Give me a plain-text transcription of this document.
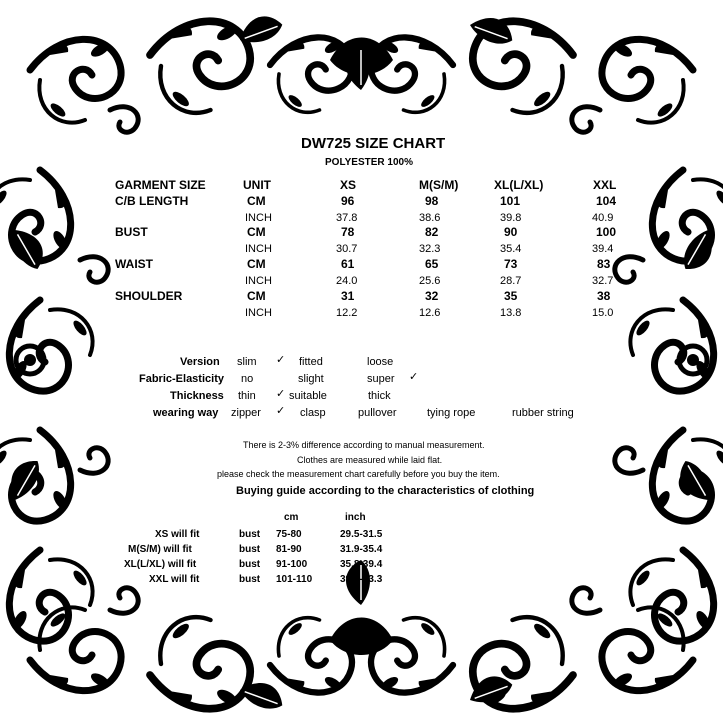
DW725 SIZE CHART
POLYESTER 100%
GARMENT SIZE	UNIT	XS	M(S/M)	XL(L/XL)	XXL
C/B LENGTH	CM	96	98	101	104
INCH	37.8	38.6	39.8	40.9
BUST	CM	78	82	90	100
INCH	30.7	32.3	35.4	39.4
WAIST	CM	61	65	73	83
INCH	24.0	25.6	28.7	32.7
SHOULDER	CM	31	32	35	38
INCH	12.2	12.6	13.8	15.0
Version slim ✓ fitted	loose
Fabric-Elasticity no	slight	super ✓
Thickness thin ✓ suitable	thick
wearing way zipper ✓ clasp	pullover	tying rope	rubber string
There is 2-3% difference according to manual measurement.
Clothes are measured while laid flat.
please check the measurement chart carefully before you buy the item.
Buying guide according to the characteristics of clothing
cm	inch
XS will fit	bust 75-80	29.5-31.5
M(S/M) will fit	bust 81-90	31.9-35.4
XL(L/XL) will fit	bust 91-100	35.8-39.4
XXL will fit	bust 101-110	39.8-43.3
